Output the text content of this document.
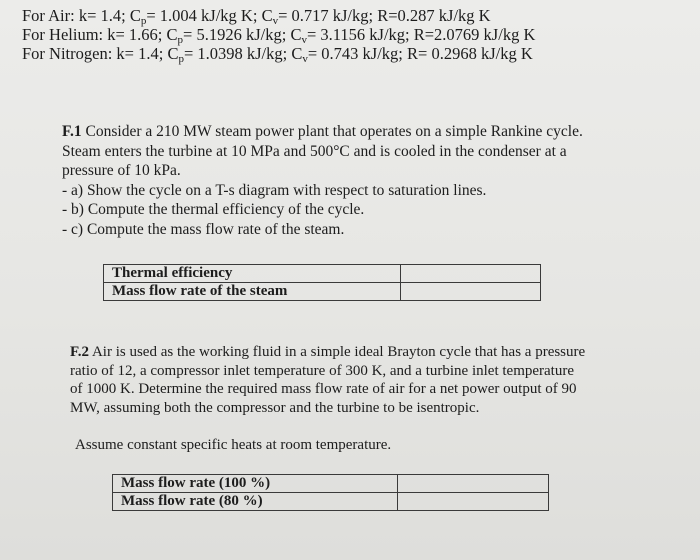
For Air: k= 1.4; $C_p= 1.004$ kJ/kg K; $C_v= 0.717$ kJ/kg; R=0.287 kJ/kg K
For Helium: k= 1.66; $C_p= 5.1926$ kJ/kg; $C_v= 3.1156$ kJ/kg; R=2.0769 kJ/kg K
For Nitrogen: k= 1.4; $C_p= 1.0398$ kJ/kg; $C_v= 0.743$ kJ/kg; R= 0.2968 kJ/kg K

F.1 Consider a 210 MW steam power plant that operates on a simple Rankine cycle.

Steam enters the turbine at 10 MPa and 500°C and is cooled in the condenser at a

pressure of 10 kPa.

- a) Show the cycle on a T-s diagram with respect to saturation lines.

- b) Compute the thermal efficiency of the cycle.

- c) Compute the mass flow rate of the steam.

Thermal efficiency	
Mass flow rate of the steam	

F.2 Air is used as the working fluid in a simple ideal Brayton cycle that has a pressure

ratio of 12, a compressor inlet temperature of 300 K, and a turbine inlet temperature

of 1000 K. Determine the required mass flow rate of air for a net power output of 90

MW, assuming both the compressor and the turbine to be isentropic.

Assume constant specific heats at room temperature.
Mass flow rate (100 %)	
Mass flow rate (80 %)	
